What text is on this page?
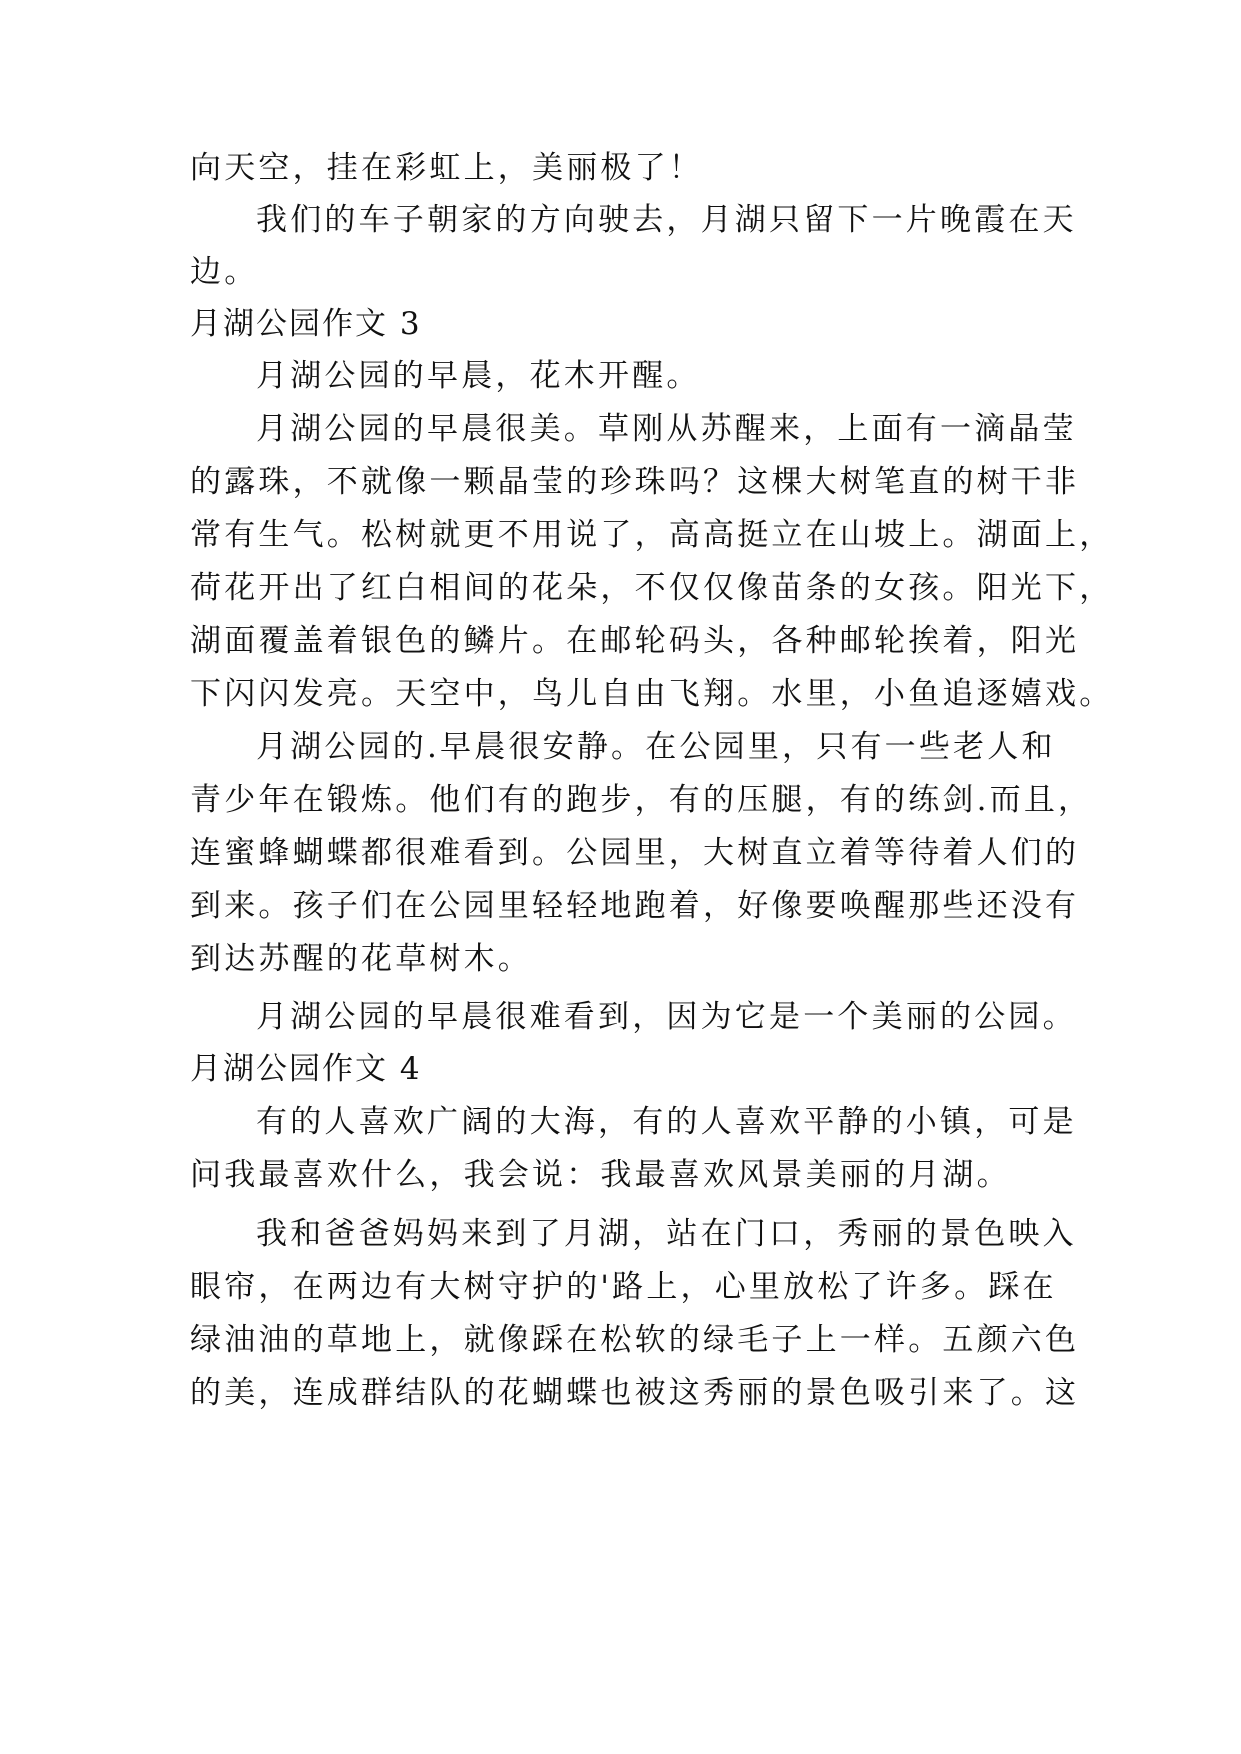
向天空，挂在彩虹上，美丽极了！
我们的车子朝家的方向驶去，月湖只留下一片晚霞在天
边。
月湖公园作文 3
月湖公园的早晨，花木开醒。
月湖公园的早晨很美。草刚从苏醒来，上面有一滴晶莹
的露珠，不就像一颗晶莹的珍珠吗？这棵大树笔直的树干非
常有生气。松树就更不用说了，高高挺立在山坡上。湖面上，
荷花开出了红白相间的花朵，不仅仅像苗条的女孩。阳光下，
湖面覆盖着银色的鳞片。在邮轮码头，各种邮轮挨着，阳光
下闪闪发亮。天空中，鸟儿自由飞翔。水里，小鱼追逐嬉戏。
月湖公园的.早晨很安静。在公园里，只有一些老人和
青少年在锻炼。他们有的跑步，有的压腿，有的练剑.而且，
连蜜蜂蝴蝶都很难看到。公园里，大树直立着等待着人们的
到来。孩子们在公园里轻轻地跑着，好像要唤醒那些还没有
到达苏醒的花草树木。
月湖公园的早晨很难看到，因为它是一个美丽的公园。
月湖公园作文 4
有的人喜欢广阔的大海，有的人喜欢平静的小镇，可是
问我最喜欢什么，我会说：我最喜欢风景美丽的月湖。
我和爸爸妈妈来到了月湖，站在门口，秀丽的景色映入
眼帘，在两边有大树守护的'路上，心里放松了许多。踩在
绿油油的草地上，就像踩在松软的绿毛子上一样。五颜六色
的美，连成群结队的花蝴蝶也被这秀丽的景色吸引来了。这
